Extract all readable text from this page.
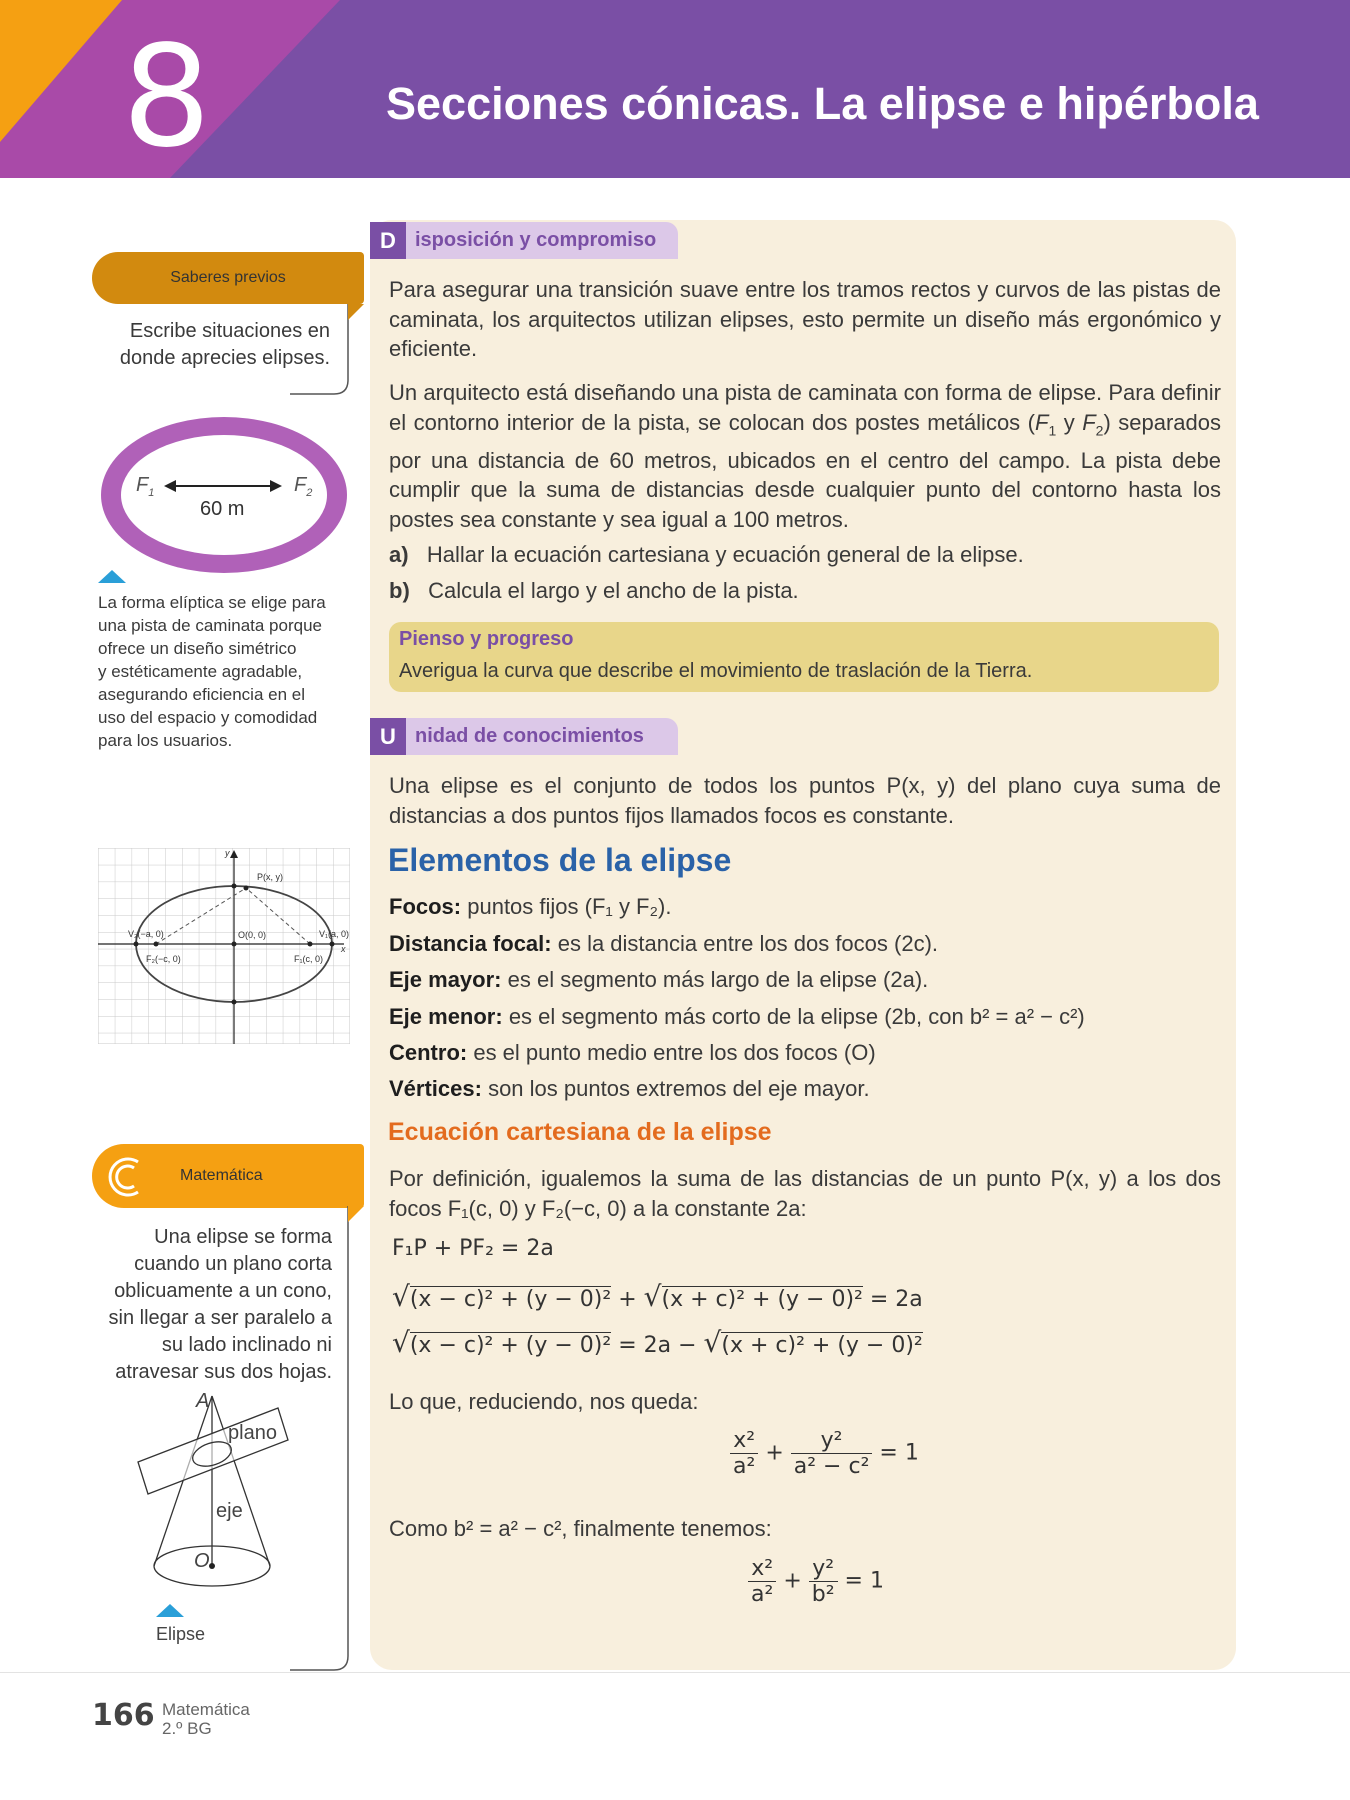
8	Secciones cónicas. La elipse e hipérbola
Saberes previos
Escribe situaciones en
donde aprecies elipses.
$F_1$	$F_2$
60 m
La forma elíptica se elige para
una pista de caminata porque
ofrece un diseño simétrico
y estéticamente agradable,
asegurando eficiencia en el
uso del espacio y comodidad
para los usuarios.
y
x
P(x, y)
O(0, 0)
V₂(−a, 0)	V₁(a, 0)
F₂(−c, 0)	F₁(c, 0)
Matemática
Una elipse se forma
cuando un plano corta
oblicuamente a un cono,
sin llegar a ser paralelo a
su lado inclinado ni
atravesar sus dos hojas.
A
plano
eje
O
Elipse
D isposición y compromiso
Para asegurar una transición suave entre los tramos rectos y curvos de las pistas de caminata, los arquitectos utilizan elipses, esto permite un diseño más ergonómico y eficiente.
Un arquitecto está diseñando una pista de caminata con forma de elipse. Para definir el contorno interior de la pista, se colocan dos postes metálicos ($F_1$ y $F_2$) separados por una distancia de 60 metros, ubicados en el centro del campo. La pista debe cumplir que la suma de distancias desde cualquier punto del contorno hasta los postes sea constante y sea igual a 100 metros.
a) Hallar la ecuación cartesiana y ecuación general de la elipse.
b) Calcula el largo y el ancho de la pista.
Pienso y progreso
Averigua la curva que describe el movimiento de traslación de la Tierra.
U nidad de conocimientos
Una elipse es el conjunto de todos los puntos P(x, y) del plano cuya suma de distancias a dos puntos fijos llamados focos es constante.
Elementos de la elipse
Focos: puntos fijos (F₁ y F₂).
Distancia focal: es la distancia entre los dos focos (2c).
Eje mayor: es el segmento más largo de la elipse (2a).
Eje menor: es el segmento más corto de la elipse (2b, con b² = a² − c²)
Centro: es el punto medio entre los dos focos (O)
Vértices: son los puntos extremos del eje mayor.
Ecuación cartesiana de la elipse
Por definición, igualemos la suma de las distancias de un punto P(x, y) a los dos focos F₁(c, 0) y F₂(−c, 0) a la constante 2a:
F₁P + PF₂ = 2a
√(x − c)² + (y − 0)² + √(x + c)² + (y − 0)² = 2a
√(x − c)² + (y − 0)² = 2a − √(x + c)² + (y − 0)²
Lo que, reduciendo, nos queda:
$\frac{\text{x²}}{\text{a²}} + \frac{\text{y²}}{\text{a² − c²}} = 1$
Como b² = a² − c², finalmente tenemos:
$\frac{\text{x²}}{\text{a²}} + \frac{\text{y²}}{\text{b²}} = 1$
166 Matemática
2.º BG
